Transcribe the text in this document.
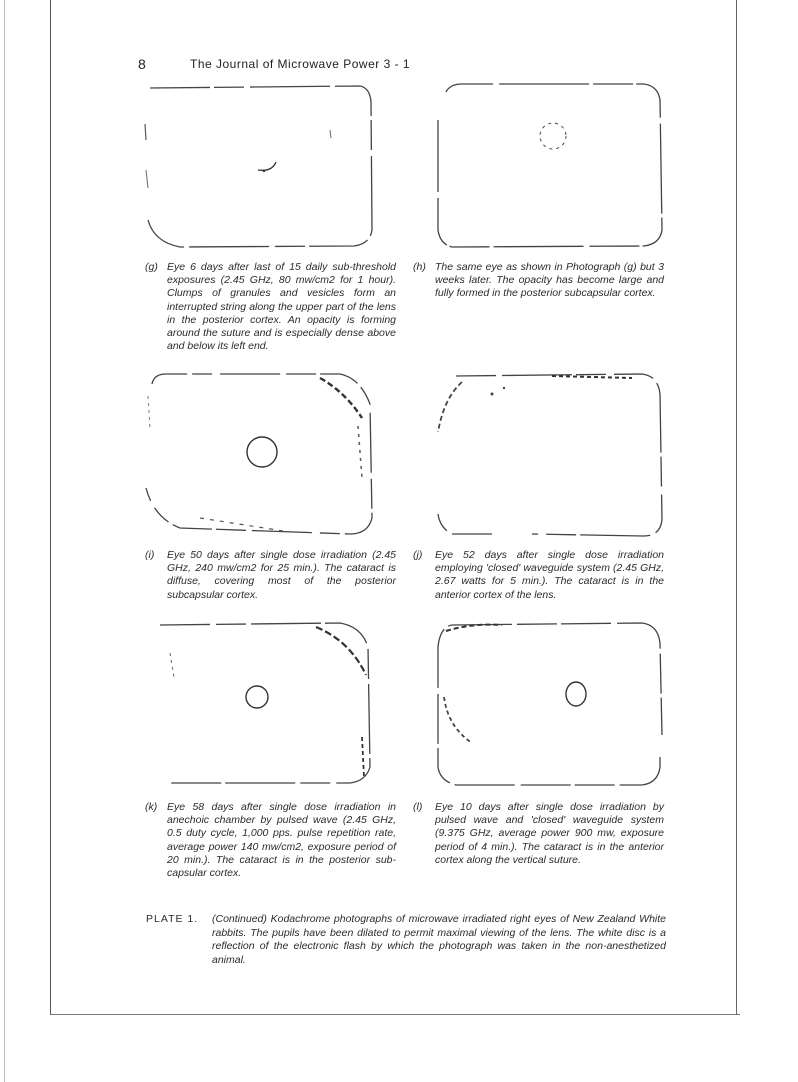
8	The Journal of Microwave Power 3 - 1
(g) Eye 6 days after last of 15 daily sub-threshold exposures (2.45 GHz, 80 mw/cm2 for 1 hour). Clumps of granules and vesicles form an interrupted string along the upper part of the lens in the posterior cortex. An opacity is forming around the suture and is especially dense above and below its left end.
(h) The same eye as shown in Photograph (g) but 3 weeks later. The opacity has become large and fully formed in the posterior subcapsular cortex.
(i) Eye 50 days after single dose irradiation (2.45 GHz, 240 mw/cm2 for 25 min.). The cataract is diffuse, covering most of the posterior subcapsular cortex.
(j) Eye 52 days after single dose irradiation employing 'closed' waveguide system (2.45 GHz, 2.67 watts for 5 min.). The cataract is in the anterior cortex of the lens.
(k) Eye 58 days after single dose irradiation in anechoic chamber by pulsed wave (2.45 GHz, 0.5 duty cycle, 1,000 pps. pulse repetition rate, average power 140 mw/cm2, exposure period of 20 min.). The cataract is in the posterior sub-capsular cortex.
(l) Eye 10 days after single dose irradiation by pulsed wave and 'closed' waveguide system (9.375 GHz, average power 900 mw, exposure period of 4 min.). The cataract is in the anterior cortex along the vertical suture.
PLATE 1. (Continued) Kodachrome photographs of microwave irradiated right eyes of New Zealand White rabbits. The pupils have been dilated to permit maximal viewing of the lens. The white disc is a reflection of the electronic flash by which the photograph was taken in the non-anesthetized animal.
